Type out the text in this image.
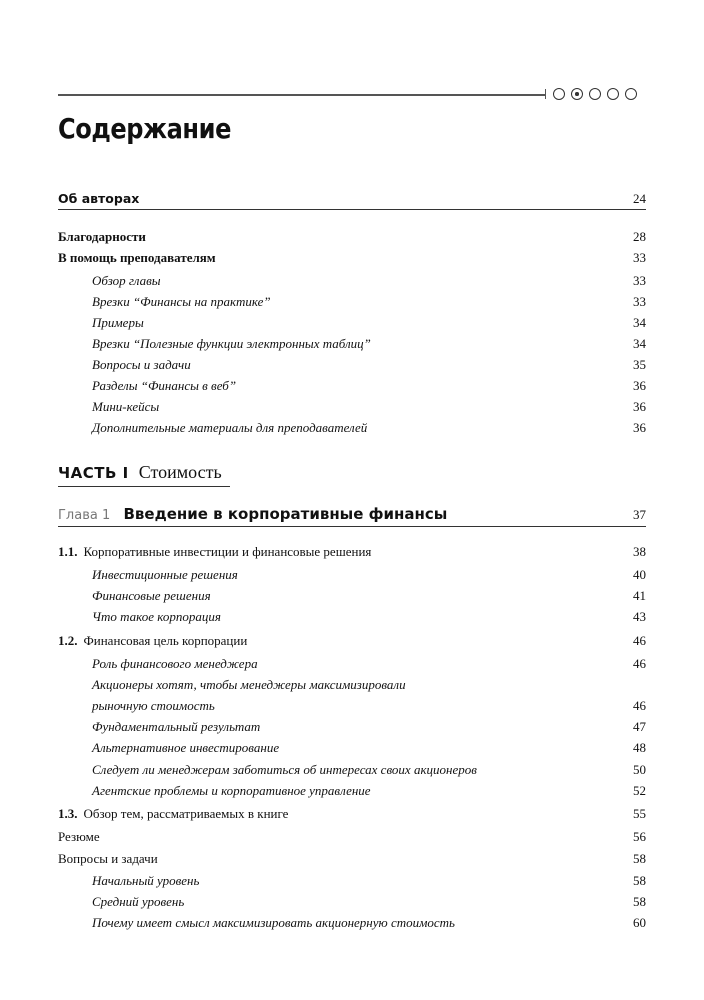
Содержание
Об авторах	24
Благодарности	28
В помощь преподавателям	33
Обзор главы	33
Врезки “Финансы на практике”	33
Примеры	34
Врезки “Полезные функции электронных таблиц”	34
Вопросы и задачи	35
Разделы “Финансы в веб”	36
Мини-кейсы	36
Дополнительные материалы для преподавателей	36
ЧАСТЬ I Стоимость
Глава 1 Введение в корпоративные финансы	37
1.1. Корпоративные инвестиции и финансовые решения	38
Инвестиционные решения	40
Финансовые решения	41
Что такое корпорация	43
1.2. Финансовая цель корпорации	46
Роль финансового менеджера	46
Акционеры хотят, чтобы менеджеры максимизировали
рыночную стоимость	46
Фундаментальный результат	47
Альтернативное инвестирование	48
Следует ли менеджерам заботиться об интересах своих акционеров	50
Агентские проблемы и корпоративное управление	52
1.3. Обзор тем, рассматриваемых в книге	55
Резюме	56
Вопросы и задачи	58
Начальный уровень	58
Средний уровень	58
Почему имеет смысл максимизировать акционерную стоимость	60
